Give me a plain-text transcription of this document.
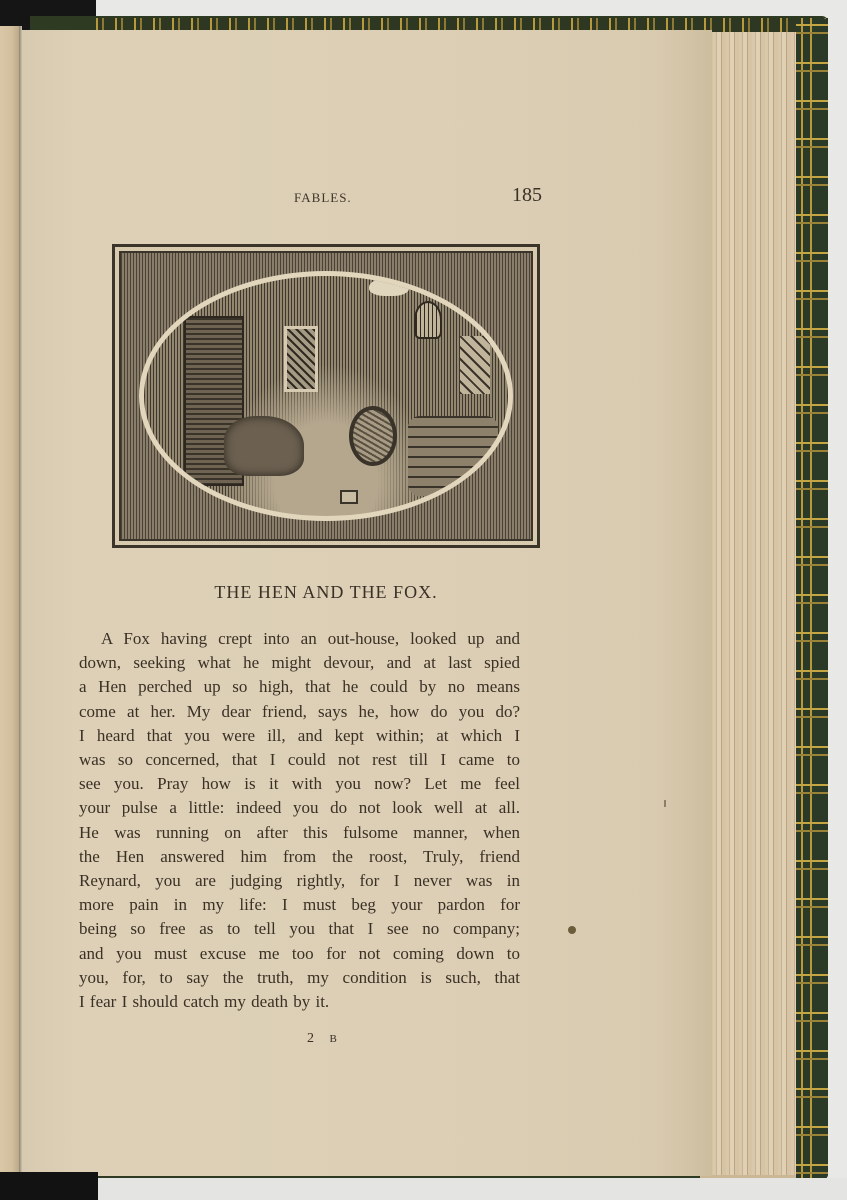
FABLES.	185
THE HEN AND THE FOX.
A Fox having crept into an out-house, looked up and
down, seeking what he might devour, and at last spied
a Hen perched up so high, that he could by no means
come at her. My dear friend, says he, how do you do?
I heard that you were ill, and kept within; at which I
was so concerned, that I could not rest till I came to
see you. Pray how is it with you now? Let me feel
your pulse a little: indeed you do not look well at all.
He was running on after this fulsome manner, when
the Hen answered him from the roost, Truly, friend
Reynard, you are judging rightly, for I never was in
more pain in my life: I must beg your pardon for
being so free as to tell you that I see no company;
and you must excuse me too for not coming down to
you, for, to say the truth, my condition is such, that
I fear I should catch my death by it.
2 B
